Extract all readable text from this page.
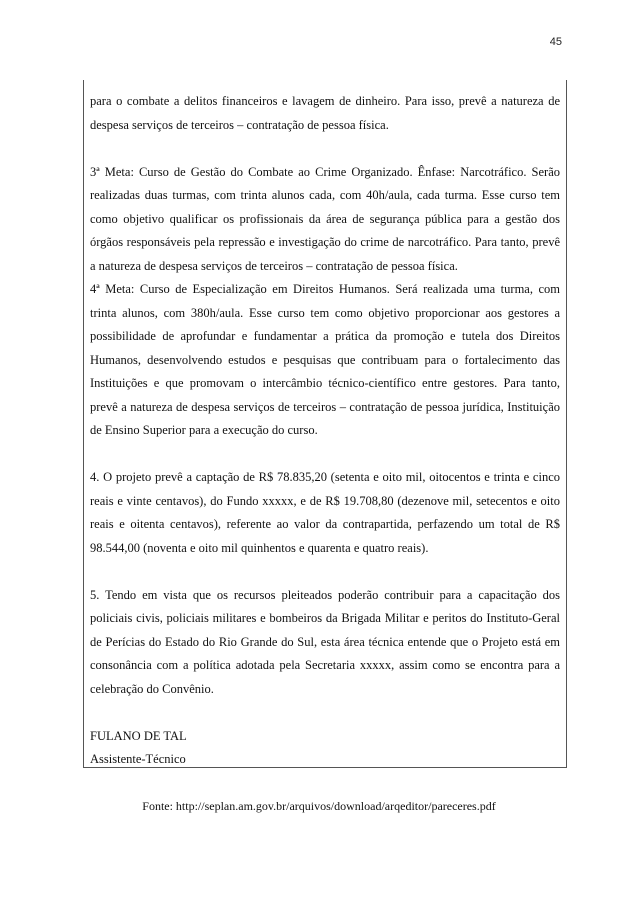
45

para o combate a delitos financeiros e lavagem de dinheiro. Para isso, prevê a natureza de despesa serviços de terceiros – contratação de pessoa física.

3ª Meta: Curso de Gestão do Combate ao Crime Organizado. Ênfase: Narcotráfico. Serão realizadas duas turmas, com trinta alunos cada, com 40h/aula, cada turma. Esse curso tem como objetivo qualificar os profissionais da área de segurança pública para a gestão dos órgãos responsáveis pela repressão e investigação do crime de narcotráfico. Para tanto, prevê a natureza de despesa serviços de terceiros – contratação de pessoa física.

4ª Meta: Curso de Especialização em Direitos Humanos. Será realizada uma turma, com trinta alunos, com 380h/aula. Esse curso tem como objetivo proporcionar aos gestores a possibilidade de aprofundar e fundamentar a prática da promoção e tutela dos Direitos Humanos, desenvolvendo estudos e pesquisas que contribuam para o fortalecimento das Instituições e que promovam o intercâmbio técnico-científico entre gestores. Para tanto, prevê a natureza de despesa serviços de terceiros – contratação de pessoa jurídica, Instituição de Ensino Superior para a execução do curso.

4. O projeto prevê a captação de R$ 78.835,20 (setenta e oito mil, oitocentos e trinta e cinco reais e vinte centavos), do Fundo xxxxx, e de R$ 19.708,80 (dezenove mil, setecentos e oito reais e oitenta centavos), referente ao valor da contrapartida, perfazendo um total de R$ 98.544,00 (noventa e oito mil quinhentos e quarenta e quatro reais).

5. Tendo em vista que os recursos pleiteados poderão contribuir para a capacitação dos policiais civis, policiais militares e bombeiros da Brigada Militar e peritos do Instituto-Geral de Perícias do Estado do Rio Grande do Sul, esta área técnica entende que o Projeto está em consonância com a política adotada pela Secretaria xxxxx, assim como se encontra para a celebração do Convênio.

FULANO DE TAL

Assistente-Técnico

Fonte: http://seplan.am.gov.br/arquivos/download/arqeditor/pareceres.pdf
